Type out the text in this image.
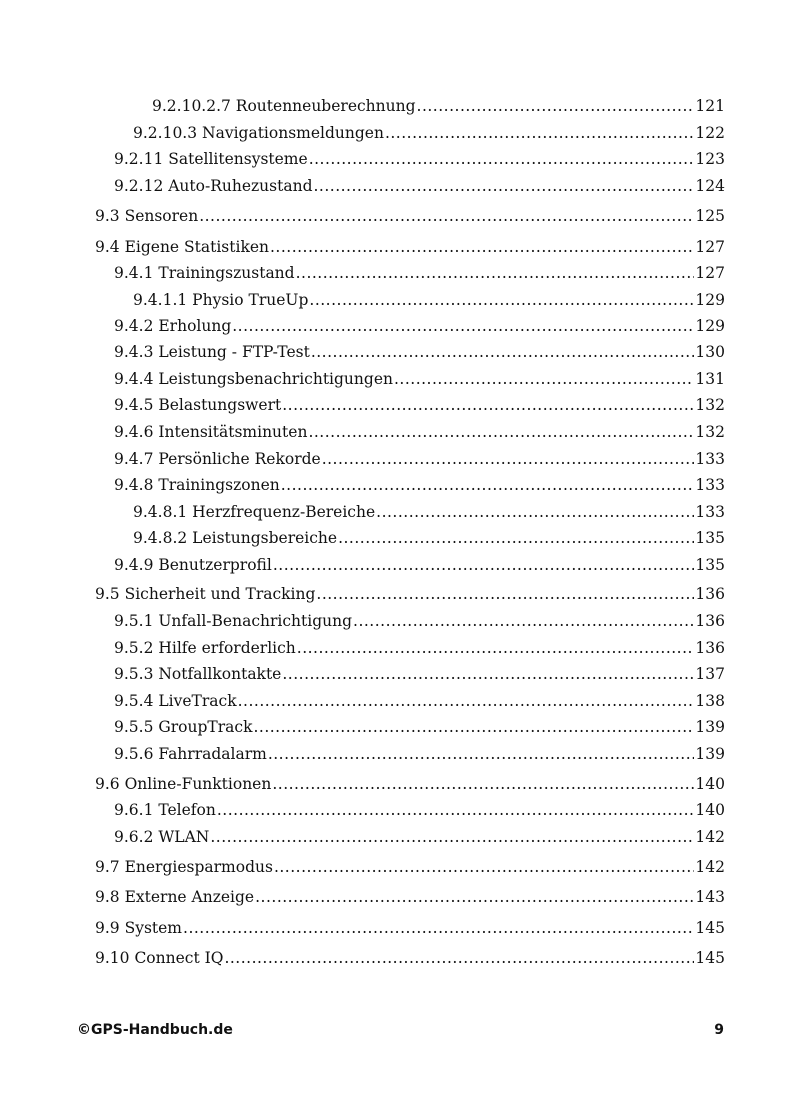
9.2.10.2.7 Routenneuberechnung .....	121
9.2.10.3 Navigationsmeldungen .....	122
9.2.11 Satellitensysteme .....	123
9.2.12 Auto-Ruhezustand .....	124
9.3 Sensoren .....	125
9.4 Eigene Statistiken .....	127
9.4.1 Trainingszustand .....	127
9.4.1.1 Physio TrueUp .....	129
9.4.2 Erholung .....	129
9.4.3 Leistung - FTP-Test .....	130
9.4.4 Leistungsbenachrichtigungen .....	131
9.4.5 Belastungswert .....	132
9.4.6 Intensitätsminuten .....	132
9.4.7 Persönliche Rekorde .....	133
9.4.8 Trainingszonen .....	133
9.4.8.1 Herzfrequenz-Bereiche .....	133
9.4.8.2 Leistungsbereiche .....	135
9.4.9 Benutzerprofil .....	135
9.5 Sicherheit und Tracking .....	136
9.5.1 Unfall-Benachrichtigung .....	136
9.5.2 Hilfe erforderlich .....	136
9.5.3 Notfallkontakte .....	137
9.5.4 LiveTrack .....	138
9.5.5 GroupTrack .....	139
9.5.6 Fahrradalarm .....	139
9.6 Online-Funktionen .....	140
9.6.1 Telefon .....	140
9.6.2 WLAN .....	142
9.7 Energiesparmodus .....	142
9.8 Externe Anzeige .....	143
9.9 System .....	145
9.10 Connect IQ .....	145
©GPS-Handbuch.de	9
